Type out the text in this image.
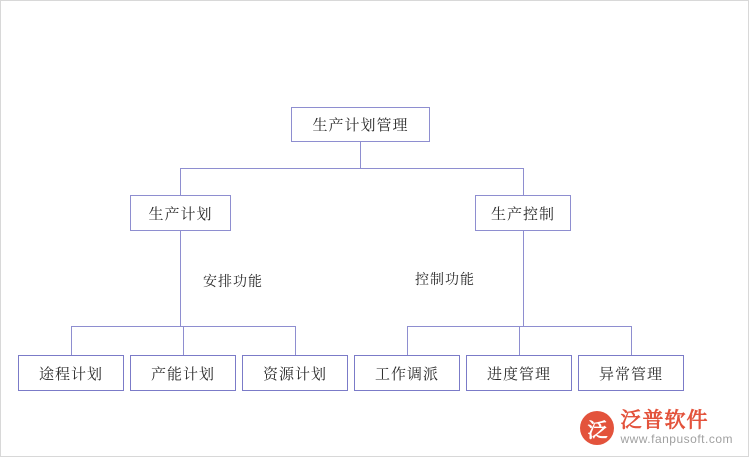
生产计划管理
生产计划	生产控制
安排功能	控制功能
途程计划	产能计划	资源计划	工作调派	进度管理	异常管理
泛 泛普软件
www.fanpusoft.com
